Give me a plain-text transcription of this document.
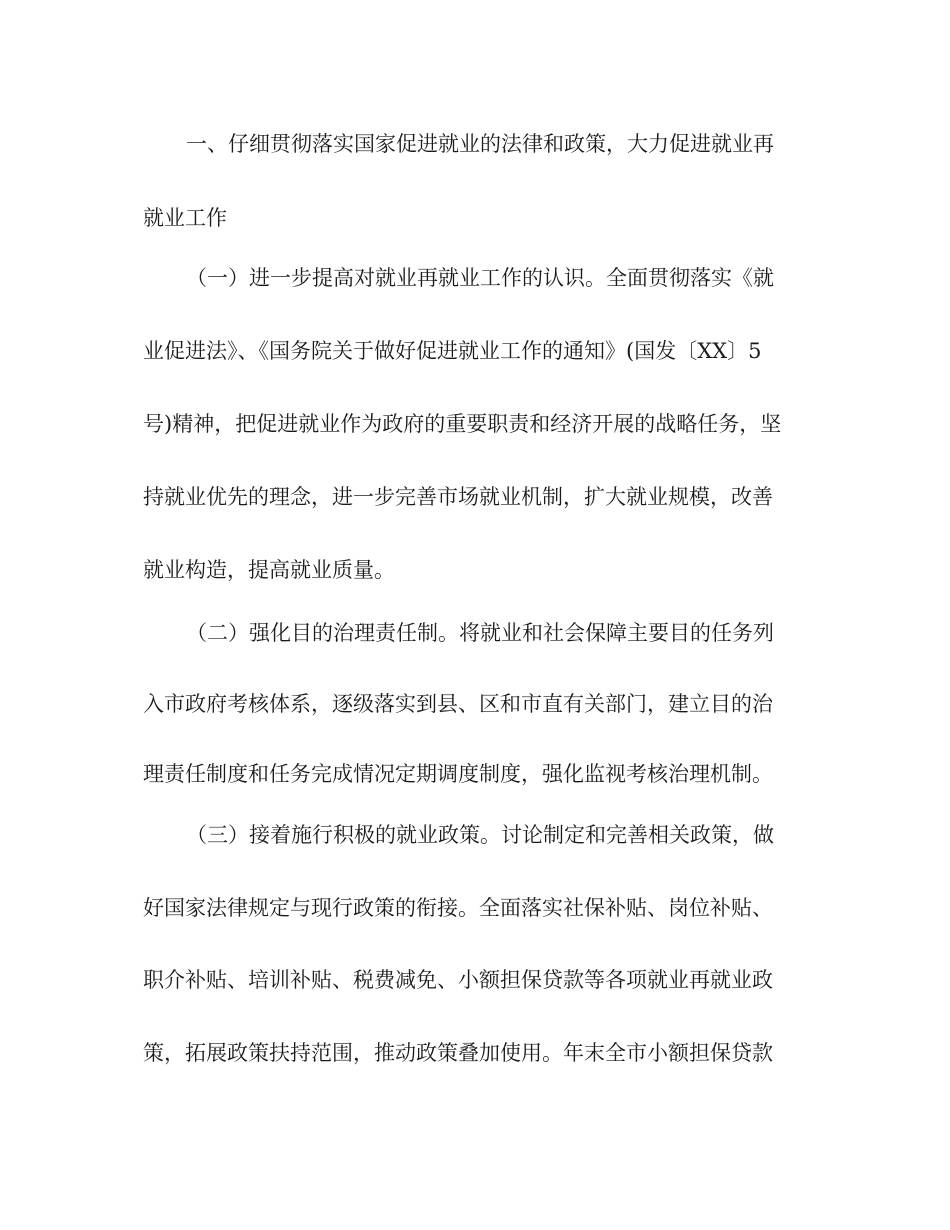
一、仔细贯彻落实国家促进就业的法律和政策，大力促进就业再
就业工作
（一）进一步提高对就业再就业工作的认识。全面贯彻落实《就
业促进法》、《国务院关于做好促进就业工作的通知》(国发〔XX〕5
号)精神，把促进就业作为政府的重要职责和经济开展的战略任务，坚
持就业优先的理念，进一步完善市场就业机制，扩大就业规模，改善
就业构造，提高就业质量。
（二）强化目的治理责任制。将就业和社会保障主要目的任务列
入市政府考核体系，逐级落实到县、区和市直有关部门，建立目的治
理责任制度和任务完成情况定期调度制度，强化监视考核治理机制。
（三）接着施行积极的就业政策。讨论制定和完善相关政策，做
好国家法律规定与现行政策的衔接。全面落实社保补贴、岗位补贴、
职介补贴、培训补贴、税费减免、小额担保贷款等各项就业再就业政
策，拓展政策扶持范围，推动政策叠加使用。年末全市小额担保贷款
